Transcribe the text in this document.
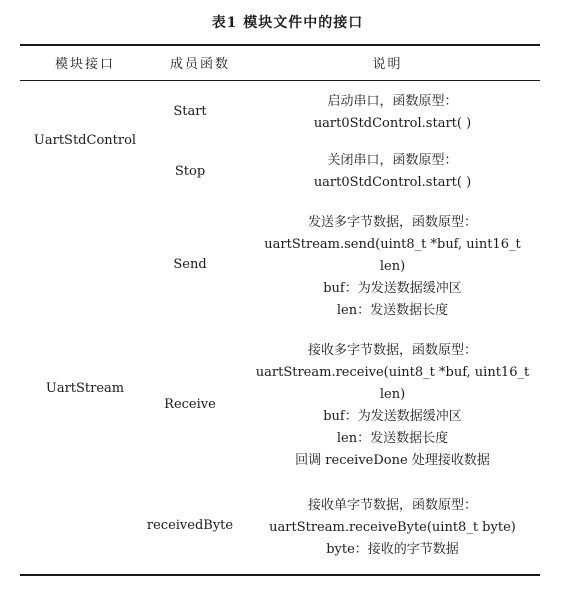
表1 模块文件中的接口
模块接口	成员函数	说明
UartStdControl
UartStream
Start
启动串口，函数原型：
uart0StdControl.start( )
Stop
关闭串口，函数原型：
uart0StdControl.start( )
Send
发送多字节数据，函数原型：
uartStream.send(uint8_t *buf, uint16_t
len)
buf：为发送数据缓冲区
len：发送数据长度
Receive
接收多字节数据，函数原型：
uartStream.receive(uint8_t *buf, uint16_t
len)
buf：为发送数据缓冲区
len：发送数据长度
回调 receiveDone 处理接收数据
receivedByte
接收单字节数据，函数原型：
uartStream.receiveByte(uint8_t byte)
byte：接收的字节数据
